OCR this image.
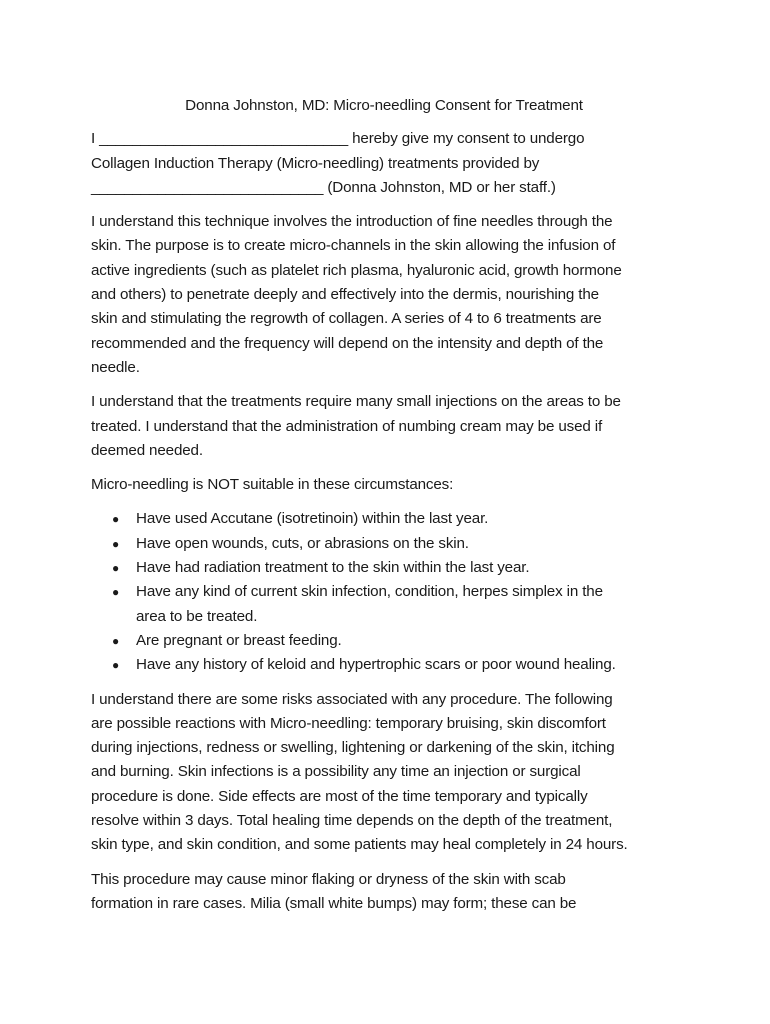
Donna Johnston, MD: Micro-needling Consent for Treatment
I ______________________________ hereby give my consent to undergo
Collagen Induction Therapy (Micro-needling) treatments provided by
____________________________ (Donna Johnston, MD or her staff.)
I understand this technique involves the introduction of fine needles through the
skin. The purpose is to create micro-channels in the skin allowing the infusion of
active ingredients (such as platelet rich plasma, hyaluronic acid, growth hormone
and others) to penetrate deeply and effectively into the dermis, nourishing the
skin and stimulating the regrowth of collagen. A series of 4 to 6 treatments are
recommended and the frequency will depend on the intensity and depth of the
needle.
I understand that the treatments require many small injections on the areas to be
treated. I understand that the administration of numbing cream may be used if
deemed needed.
Micro-needling is NOT suitable in these circumstances:
● Have used Accutane (isotretinoin) within the last year.
● Have open wounds, cuts, or abrasions on the skin.
● Have had radiation treatment to the skin within the last year.
● Have any kind of current skin infection, condition, herpes simplex in the
area to be treated.
● Are pregnant or breast feeding.
● Have any history of keloid and hypertrophic scars or poor wound healing.
I understand there are some risks associated with any procedure. The following
are possible reactions with Micro-needling: temporary bruising, skin discomfort
during injections, redness or swelling, lightening or darkening of the skin, itching
and burning. Skin infections is a possibility any time an injection or surgical
procedure is done. Side effects are most of the time temporary and typically
resolve within 3 days. Total healing time depends on the depth of the treatment,
skin type, and skin condition, and some patients may heal completely in 24 hours.
This procedure may cause minor flaking or dryness of the skin with scab
formation in rare cases. Milia (small white bumps) may form; these can be
